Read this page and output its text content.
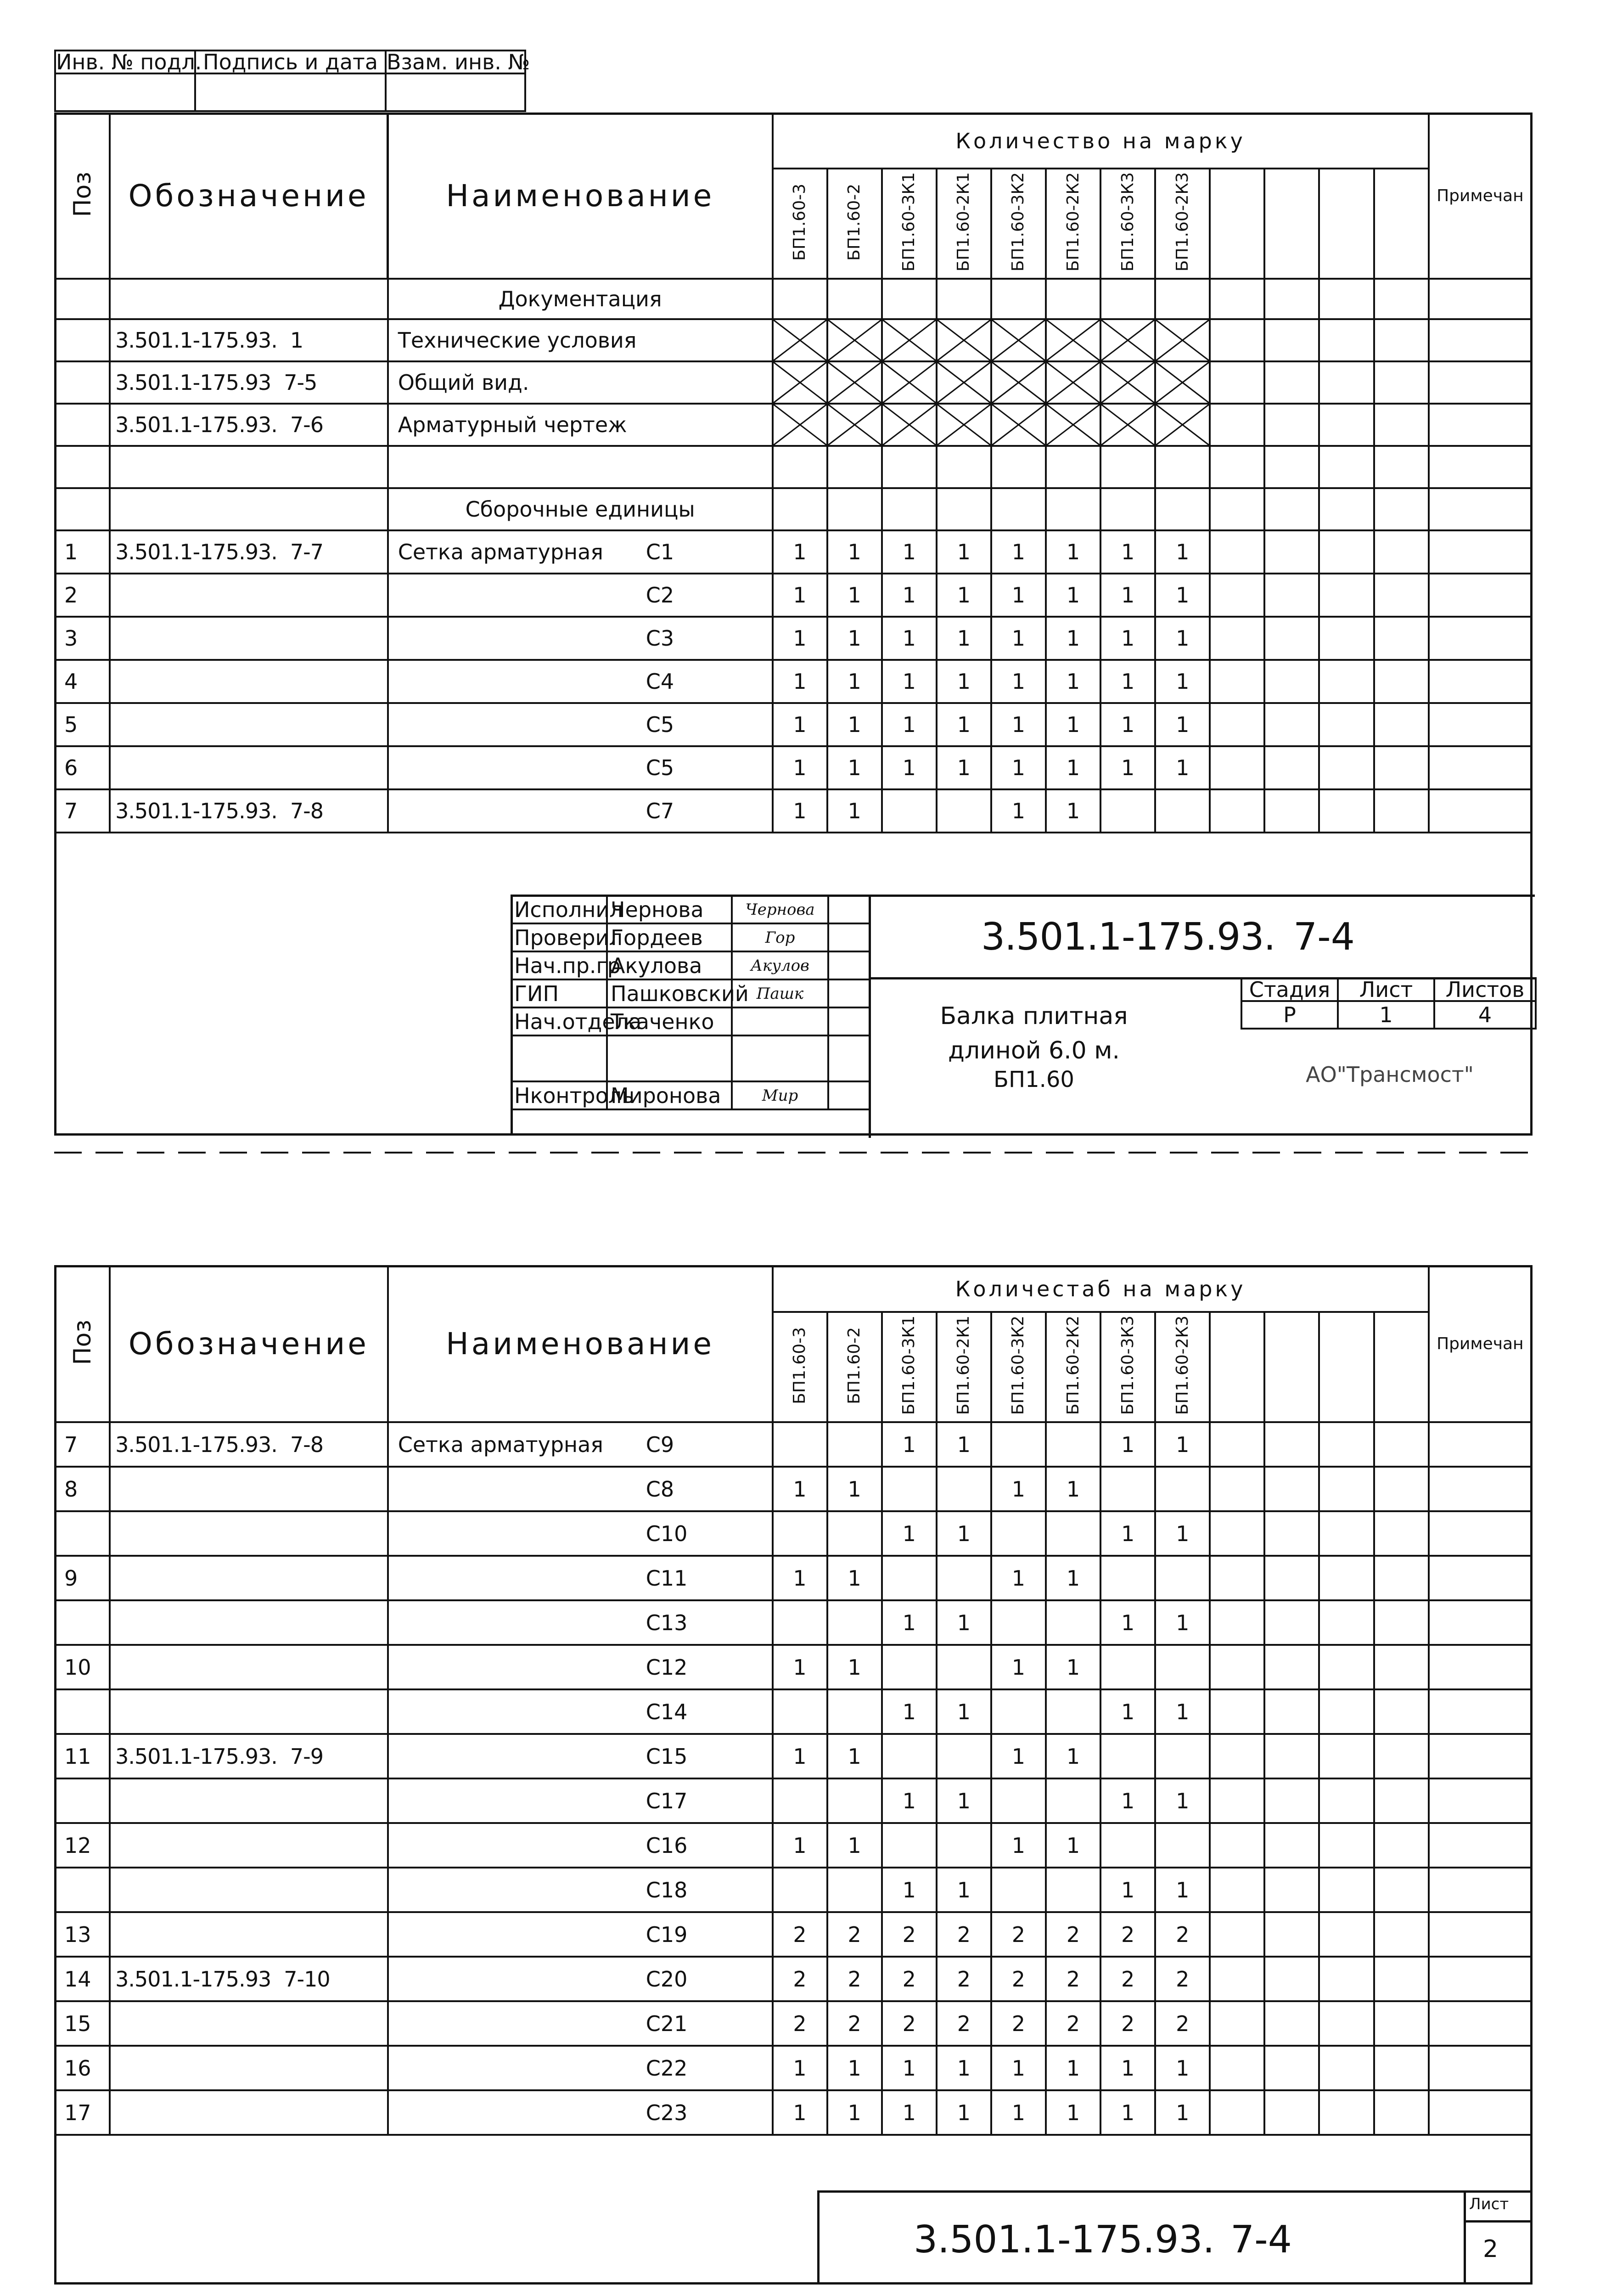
Инв. № подл.	Подпись и дата	Взам. инв. №

Поз	Обозначение	Наименование	Количество на марку												Примечан
			БП1.60-3	БП1.60-2	БП1.60-3К1	БП1.60-2К1	БП1.60-3К2	БП1.60-2К2	БП1.60-3К3	БП1.60-2К3					
		Документация													
	3.501.1-175.93. 1	Технические условия	

	3.501.1-175.93 7-5	Общий вид.	

	3.501.1-175.93. 7-6	Арматурный чертеж	

		Сборочные единицы													
1	3.501.1-175.93. 7-7	Сетка арматурная С1	1	1	1	1	1	1	1	1					
2		С2	1	1	1	1	1	1	1	1					
3		С3	1	1	1	1	1	1	1	1					
4		С4	1	1	1	1	1	1	1	1					
5		С5	1	1	1	1	1	1	1	1					
6		С5	1	1	1	1	1	1	1	1					
7	3.501.1-175.93. 7-8	С7	1	1			1	1							
Исполнил	Чернова	Чернова	
Проверил	Гордеев	Гор	
Нач.пр.гр	Акулова	Акулов	
ГИП	Пашковский	Пашк	
Нач.отдела	Ткаченко		

Нконтроль	Миронова	Мир	
3.501.1-175.93. 7-4
Балка плитная
длиной 6.0 м.
БП1.60
Стадия	Лист	Листов
Р	1	4
АО"Трансмост"
Поз	Обозначение	Наименование	Количестаб на марку												Примечан
			БП1.60-3	БП1.60-2	БП1.60-3К1	БП1.60-2К1	БП1.60-3К2	БП1.60-2К2	БП1.60-3К3	БП1.60-2К3					
7	3.501.1-175.93. 7-8	Сетка арматурная С9			1	1			1	1					
8		С8	1	1			1	1							

		С10			1	1			1	1					
9		С11	1	1			1	1							

		С13			1	1			1	1					
10		С12	1	1			1	1							

		С14			1	1			1	1					
11	3.501.1-175.93. 7-9	С15	1	1			1	1							

		С17			1	1			1	1					
12		С16	1	1			1	1							

		С18			1	1			1	1					
13		С19	2	2	2	2	2	2	2	2					
14	3.501.1-175.93 7-10	С20	2	2	2	2	2	2	2	2					
15		С21	2	2	2	2	2	2	2	2					
16		С22	1	1	1	1	1	1	1	1					
17		С23	1	1	1	1	1	1	1	1					
3.501.1-175.93. 7-4
Лист
2
